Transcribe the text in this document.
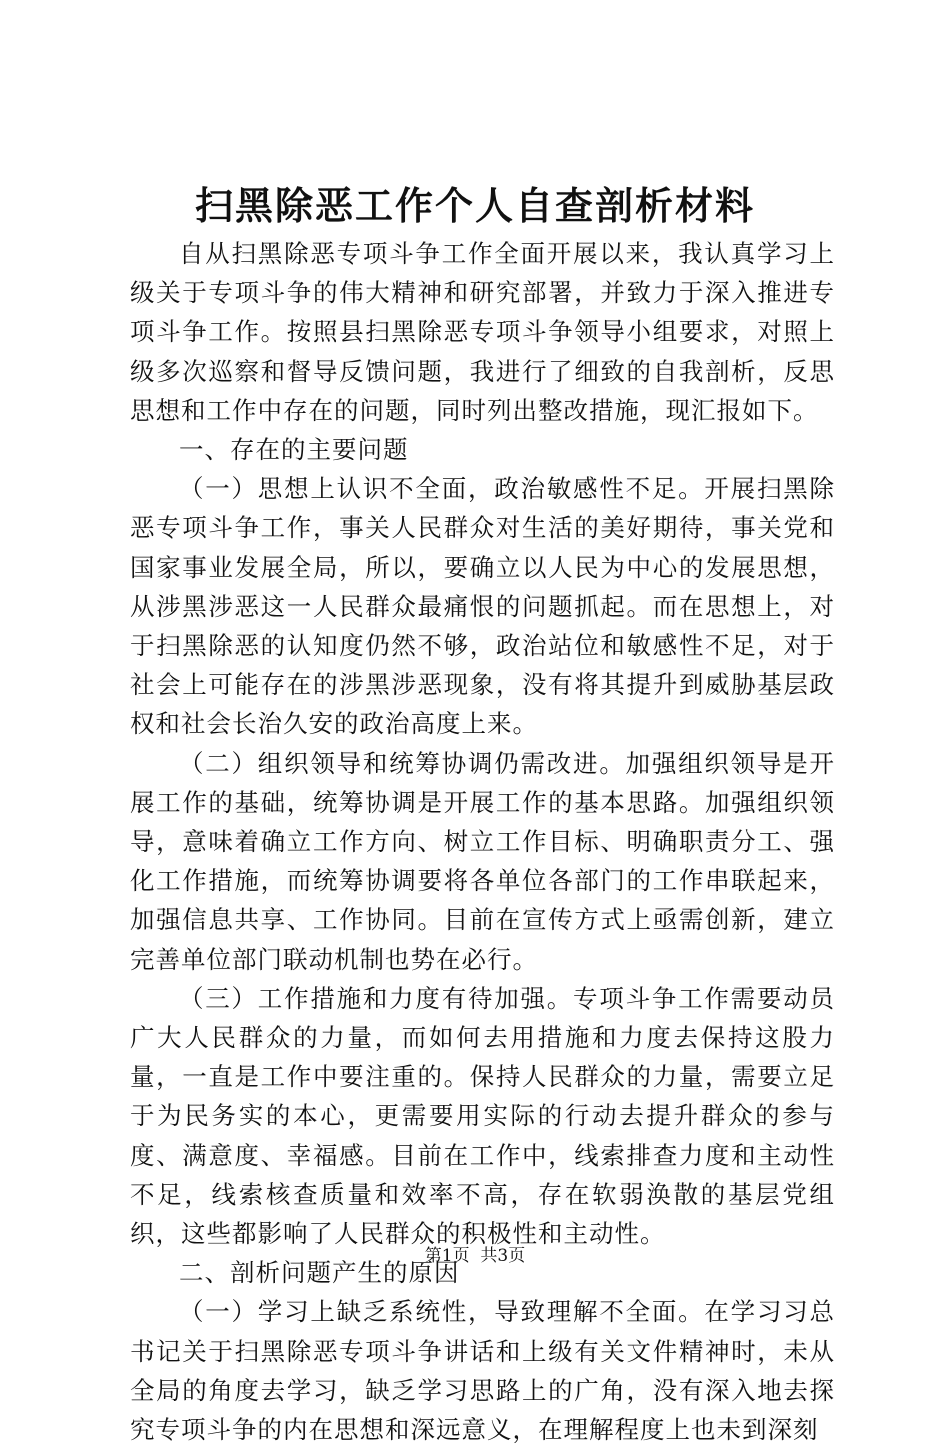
扫黑除恶工作个人自查剖析材料

自从扫黑除恶专项斗争工作全面开展以来，我认真学习上级关于专项斗争的伟大精神和研究部署，并致力于深入推进专项斗争工作。按照县扫黑除恶专项斗争领导小组要求，对照上级多次巡察和督导反馈问题，我进行了细致的自我剖析，反思思想和工作中存在的问题，同时列出整改措施，现汇报如下。

一、存在的主要问题

（一）思想上认识不全面，政治敏感性不足。开展扫黑除恶专项斗争工作，事关人民群众对生活的美好期待，事关党和国家事业发展全局，所以，要确立以人民为中心的发展思想，从涉黑涉恶这一人民群众最痛恨的问题抓起。而在思想上，对于扫黑除恶的认知度仍然不够，政治站位和敏感性不足，对于社会上可能存在的涉黑涉恶现象，没有将其提升到威胁基层政权和社会长治久安的政治高度上来。

（二）组织领导和统筹协调仍需改进。加强组织领导是开展工作的基础，统筹协调是开展工作的基本思路。加强组织领导，意味着确立工作方向、树立工作目标、明确职责分工、强化工作措施，而统筹协调要将各单位各部门的工作串联起来，加强信息共享、工作协同。目前在宣传方式上亟需创新，建立完善单位部门联动机制也势在必行。

（三）工作措施和力度有待加强。专项斗争工作需要动员广大人民群众的力量，而如何去用措施和力度去保持这股力量，一直是工作中要注重的。保持人民群众的力量，需要立足于为民务实的本心，更需要用实际的行动去提升群众的参与度、满意度、幸福感。目前在工作中，线索排查力度和主动性不足，线索核查质量和效率不高，存在软弱涣散的基层党组织，这些都影响了人民群众的积极性和主动性。

二、剖析问题产生的原因

（一）学习上缺乏系统性，导致理解不全面。在学习习总书记关于扫黑除恶专项斗争讲话和上级有关文件精神时，未从全局的角度去学习，缺乏学习思路上的广角，没有深入地去探究专项斗争的内在思想和深远意义，在理解程度上也未到深刻

第1页  共3页
